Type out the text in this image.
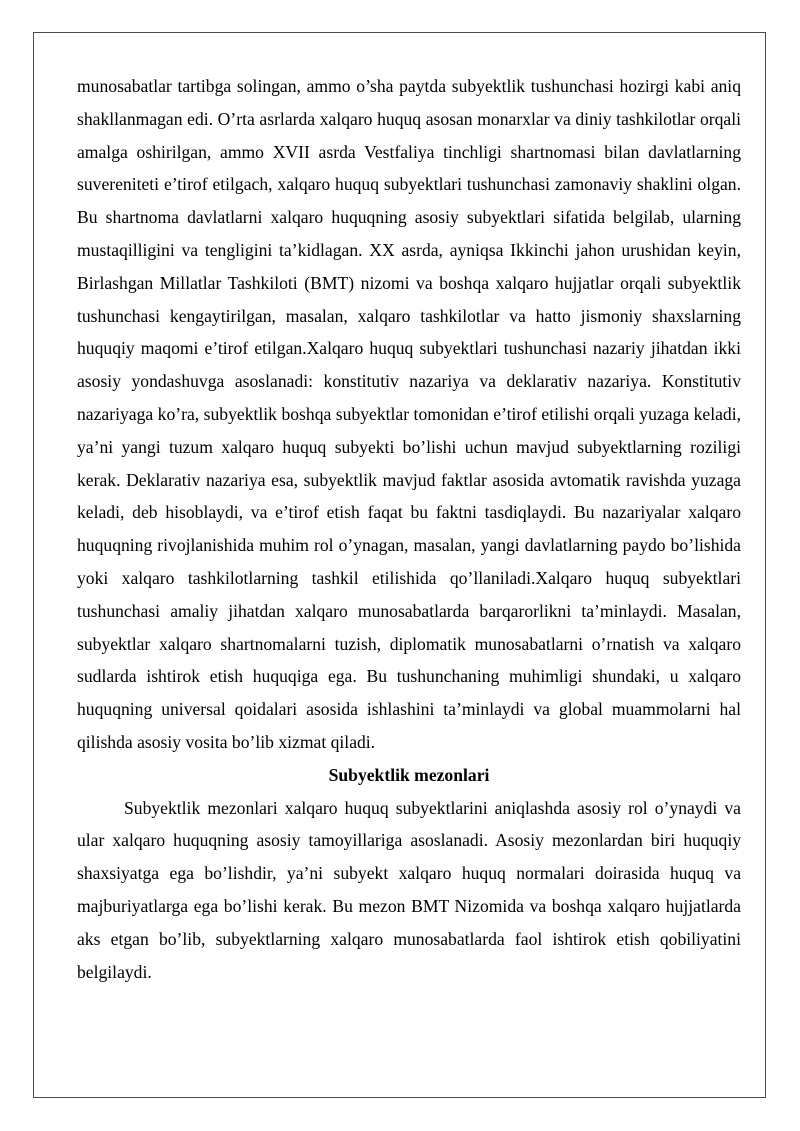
munosabatlar tartibga solingan, ammo o’sha paytda subyektlik tushunchasi hozirgi kabi aniq shakllanmagan edi. O’rta asrlarda xalqaro huquq asosan monarxlar va diniy tashkilotlar orqali amalga oshirilgan, ammo XVII asrda Vestfaliya tinchligi shartnomasi bilan davlatlarning suvereniteti e’tirof etilgach, xalqaro huquq subyektlari tushunchasi zamonaviy shaklini olgan. Bu shartnoma davlatlarni xalqaro huquqning asosiy subyektlari sifatida belgilab, ularning mustaqilligini va tengligini ta’kidlagan. XX asrda, ayniqsa Ikkinchi jahon urushidan keyin, Birlashgan Millatlar Tashkiloti (BMT) nizomi va boshqa xalqaro hujjatlar orqali subyektlik tushunchasi kengaytirilgan, masalan, xalqaro tashkilotlar va hatto jismoniy shaxslarning huquqiy maqomi e’tirof etilgan.Xalqaro huquq subyektlari tushunchasi nazariy jihatdan ikki asosiy yondashuvga asoslanadi: konstitutiv nazariya va deklarativ nazariya. Konstitutiv nazariyaga ko’ra, subyektlik boshqa subyektlar tomonidan e’tirof etilishi orqali yuzaga keladi, ya’ni yangi tuzum xalqaro huquq subyekti bo’lishi uchun mavjud subyektlarning roziligi kerak. Deklarativ nazariya esa, subyektlik mavjud faktlar asosida avtomatik ravishda yuzaga keladi, deb hisoblaydi, va e’tirof etish faqat bu faktni tasdiqlaydi. Bu nazariyalar xalqaro huquqning rivojlanishida muhim rol o’ynagan, masalan, yangi davlatlarning paydo bo’lishida yoki xalqaro tashkilotlarning tashkil etilishida qo’llaniladi.Xalqaro huquq subyektlari tushunchasi amaliy jihatdan xalqaro munosabatlarda barqarorlikni ta’minlaydi. Masalan, subyektlar xalqaro shartnomalarni tuzish, diplomatik munosabatlarni o’rnatish va xalqaro sudlarda ishtirok etish huquqiga ega. Bu tushunchaning muhimligi shundaki, u xalqaro huquqning universal qoidalari asosida ishlashini ta’minlaydi va global muammolarni hal qilishda asosiy vosita bo’lib xizmat qiladi.

Subyektlik mezonlari

Subyektlik mezonlari xalqaro huquq subyektlarini aniqlashda asosiy rol o’ynaydi va ular xalqaro huquqning asosiy tamoyillariga asoslanadi. Asosiy mezonlardan biri huquqiy shaxsiyatga ega bo’lishdir, ya’ni subyekt xalqaro huquq normalari doirasida huquq va majburiyatlarga ega bo’lishi kerak. Bu mezon BMT Nizomida va boshqa xalqaro hujjatlarda aks etgan bo’lib, subyektlarning xalqaro munosabatlarda faol ishtirok etish qobiliyatini belgilaydi.
